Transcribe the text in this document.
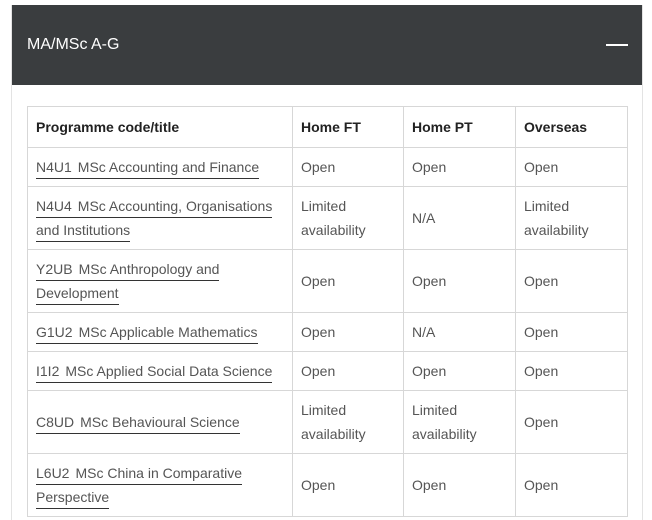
MA/MSc A-G
Programme code/title	Home FT	Home PT	Overseas
N4U1 MSc Accounting and Finance	Open	Open	Open
N4U4 MSc Accounting, Organisations and Institutions	Limited availability	N/A	Limited availability
Y2UB MSc Anthropology and Development	Open	Open	Open
G1U2 MSc Applicable Mathematics	Open	N/A	Open
I1I2 MSc Applied Social Data Science	Open	Open	Open
C8UD MSc Behavioural Science	Limited availability	Limited availability	Open
L6U2 MSc China in Comparative Perspective	Open	Open	Open
